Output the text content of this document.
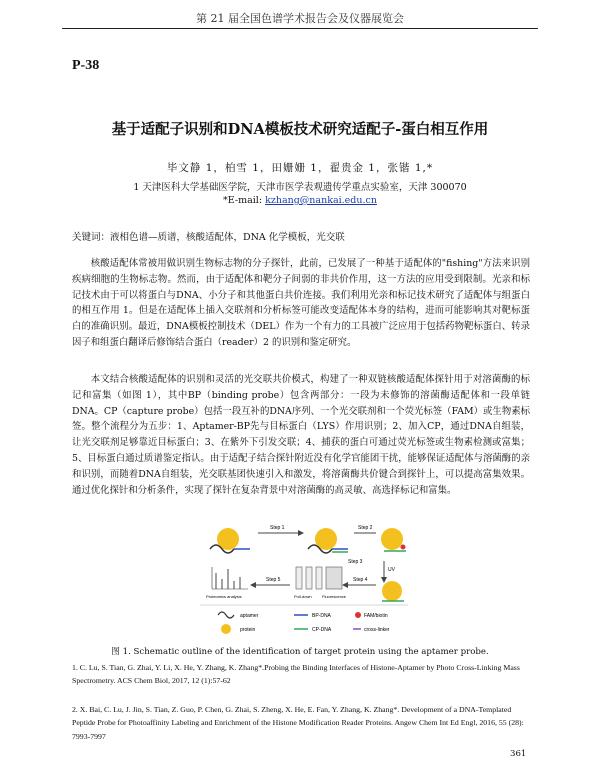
第 21 届全国色谱学术报告会及仪器展览会
P-38
基于适配子识别和DNA模板技术研究适配子-蛋白相互作用
毕文静 1，柏雪 1，田姗姗 1，翟贵金 1，张锴 1,*
1 天津医科大学基础医学院，天津市医学表观遗传学重点实验室，天津 300070
*E-mail: kzhang@nankai.edu.cn
关键词：液相色谱—质谱，核酸适配体，DNA 化学模板，光交联

核酸适配体常被用做识别生物标志物的分子探针，此前，已发展了一种基于适配体的"fishing"方法来识别疾病细胞的生物标志物。然而，由于适配体和靶分子间弱的非共价作用，这一方法的应用受到限制。光亲和标记技术由于可以将蛋白与DNA、小分子和其他蛋白共价连接。我们利用光亲和标记技术研究了适配体与组蛋白的相互作用 1。但是在适配体上插入交联剂和分析标签可能改变适配体本身的结构，进而可能影响其对靶标蛋白的准确识别。最近，DNA模板控制技术（DEL）作为一个有力的工具被广泛应用于包括药物靶标蛋白、转录因子和组蛋白翻译后修饰结合蛋白（reader）2 的识别和鉴定研究。

本文结合核酸适配体的识别和灵活的光交联共价模式，构建了一种双链核酸适配体探针用于对溶菌酶的标记和富集（如图 1），其中BP（binding probe）包含两部分：一段为未修饰的溶菌酶适配体和一段单链DNA。CP（capture probe）包括一段互补的DNA序列、一个光交联剂和一个荧光标签（FAM）或生物素标签。整个流程分为五步：1、Aptamer-BP先与目标蛋白（LYS）作用识别；2、加入CP，通过DNA自组装，让光交联剂足够靠近目标蛋白；3、在紫外下引发交联；4、捕获的蛋白可通过荧光标签或生物素检测或富集；5、目标蛋白通过质谱鉴定指认。由于适配子结合探针附近没有化学官能团干扰，能够保证适配体与溶菌酶的亲和识别，而随着DNA自组装，光交联基团快速引入和激发，将溶菌酶共价键合到探针上，可以提高富集效果。通过优化探针和分析条件，实现了探针在复杂背景中对溶菌酶的高灵敏、高选择标记和富集。

Step 1	Step 2
UV
Proteomics analysis
Step 5
Pull-down	Fluorescence
Step 4
Step 3
aptamer	BP-DNA	FAM/biotin
protein	CP-DNA	cross-linker
图 1. Schematic outline of the identification of target protein using the aptamer probe.
1. C. Lu, S. Tian, G. Zhai, Y. Li, X. He, Y. Zhang, K. Zhang*.Probing the Binding Interfaces of Histone-Aptamer by Photo Cross-Linking Mass Spectrometry. ACS Chem Biol, 2017, 12 (1):57-62
2. X. Bai, C. Lu, J. Jin, S. Tian, Z. Guo, P. Chen, G. Zhai, S. Zheng, X. He, E. Fan, Y. Zhang, K. Zhang*. Development of a DNA-Templated Peptide Probe for Photoaffinity Labeling and Enrichment of the Histone Modification Reader Proteins. Angew Chem Int Ed Engl, 2016, 55 (28): 7993-7997
361
